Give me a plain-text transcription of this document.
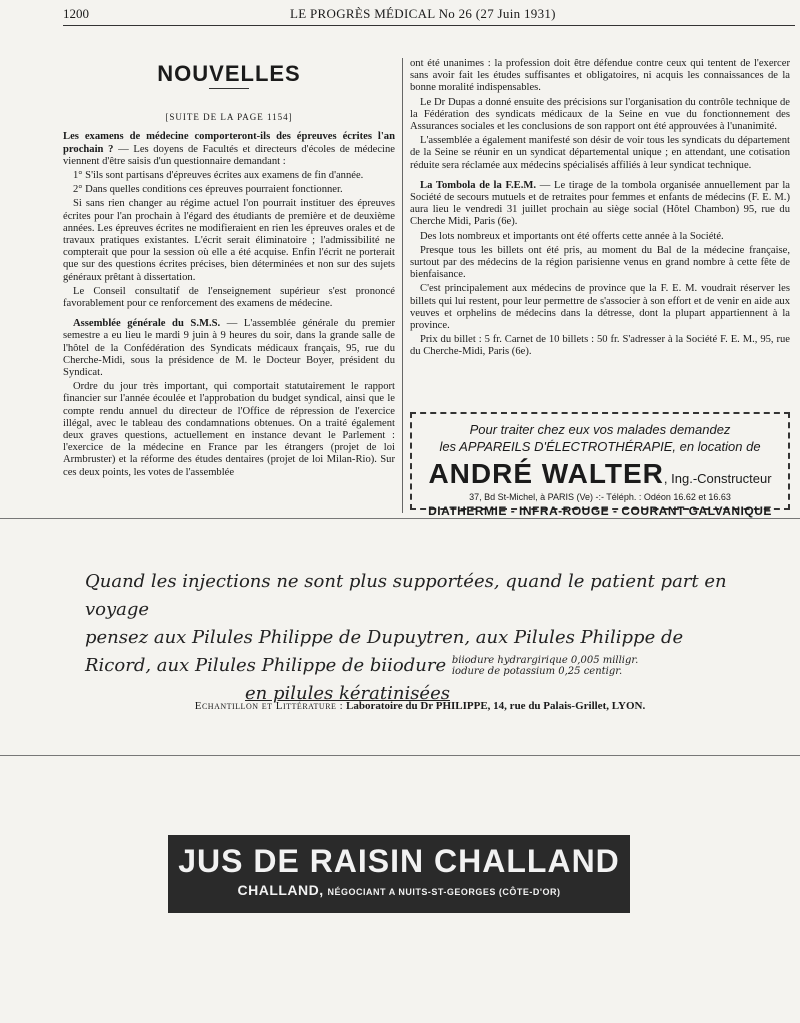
1200	LE PROGRÈS MÉDICAL No 26 (27 Juin 1931)
NOUVELLES
[SUITE DE LA PAGE 1154]

Les examens de médecine comporteront-ils des épreuves écrites l'an prochain ? — Les doyens de Facultés et directeurs d'écoles de médecine viennent d'être saisis d'un questionnaire demandant :

1° S'ils sont partisans d'épreuves écrites aux examens de fin d'année.

2° Dans quelles conditions ces épreuves pourraient fonctionner.

Si sans rien changer au régime actuel l'on pourrait instituer des épreuves écrites pour l'an prochain à l'égard des étudiants de première et de deuxième années. Les épreuves écrites ne modifieraient en rien les épreuves orales et de travaux pratiques existantes. L'écrit serait éliminatoire ; l'admissibilité ne compterait que pour la session où elle a été acquise. Enfin l'écrit ne porterait que sur des questions écrites précises, bien déterminées et non sur des sujets généraux prêtant à dissertation.

Le Conseil consultatif de l'enseignement supérieur s'est prononcé favorablement pour ce renforcement des examens de médecine.

Assemblée générale du S.M.S. — L'assemblée générale du premier semestre a eu lieu le mardi 9 juin à 9 heures du soir, dans la grande salle de l'hôtel de la Confédération des Syndicats médicaux français, 95, rue du Cherche-Midi, sous la présidence de M. le Docteur Boyer, président du Syndicat.

Ordre du jour très important, qui comportait statutairement le rapport financier sur l'année écoulée et l'approbation du budget syndical, ainsi que le compte rendu annuel du directeur de l'Office de répression de l'exercice illégal, avec le tableau des condamnations obtenues. On a traité également deux graves questions, actuellement en instance devant le Parlement : l'exercice de la médecine en France par les étrangers (projet de loi Armbruster) et la réforme des études dentaires (projet de loi Milan-Rio). Sur ces deux points, les votes de l'assemblée

ont été unanimes : la profession doit être défendue contre ceux qui tentent de l'exercer sans avoir fait les études suffisantes et obligatoires, ni acquis les connaissances de la bonne moralité indispensables.

Le Dr Dupas a donné ensuite des précisions sur l'organisation du contrôle technique de la Fédération des syndicats médicaux de la Seine en vue du fonctionnement des Assurances sociales et les conclusions de son rapport ont été approuvées à l'unanimité.

L'assemblée a également manifesté son désir de voir tous les syndicats du département de la Seine se réunir en un syndicat départemental unique ; en attendant, une cotisation réduite sera réclamée aux médecins spécialisés affiliés à leur syndicat technique.

La Tombola de la F.E.M. — Le tirage de la tombola organisée annuellement par la Société de secours mutuels et de retraites pour femmes et enfants de médecins (F. E. M.) aura lieu le vendredi 31 juillet prochain au siège social (Hôtel Chambon) 95, rue du Cherche Midi, Paris (6e).

Des lots nombreux et importants ont été offerts cette année à la Société.

Presque tous les billets ont été pris, au moment du Bal de la médecine française, surtout par des médecins de la région parisienne venus en grand nombre à cette fête de bienfaisance.

C'est principalement aux médecins de province que la F. E. M. voudrait réserver les billets qui lui restent, pour leur permettre de s'associer à son effort et de venir en aide aux veuves et orphelins de médecins dans la détresse, dont la plupart appartiennent à la province.

Prix du billet : 5 fr. Carnet de 10 billets : 50 fr. S'adresser à la Société F. E. M., 95, rue du Cherche-Midi, Paris (6e).

Pour traiter chez eux vos malades demandez
les APPAREILS D'ÉLECTROTHÉRAPIE, en location de
ANDRÉ WALTER, Ing.-Constructeur
37, Bd St-Michel, à PARIS (Ve) -:- Téléph. : Odéon 16.62 et 16.63
DIATHERMIE - INFRA-ROUGE - COURANT GALVANIQUE
Quand les injections ne sont plus supportées, quand le patient part en voyage
pensez aux Pilules Philippe de Dupuytren, aux Pilules Philippe de
Ricord, aux Pilules Philippe de biiodure biiodure hydrargirique 0,005 milligr.
iodure de potassium 0,25 centigr.
en pilules kératinisées
Echantillon et Littérature : Laboratoire du Dr PHILIPPE, 14, rue du Palais-Grillet, LYON.
JUS DE RAISIN CHALLAND
CHALLAND, NÉGOCIANT A NUITS-ST-GEORGES (CÔTE-D'OR)
